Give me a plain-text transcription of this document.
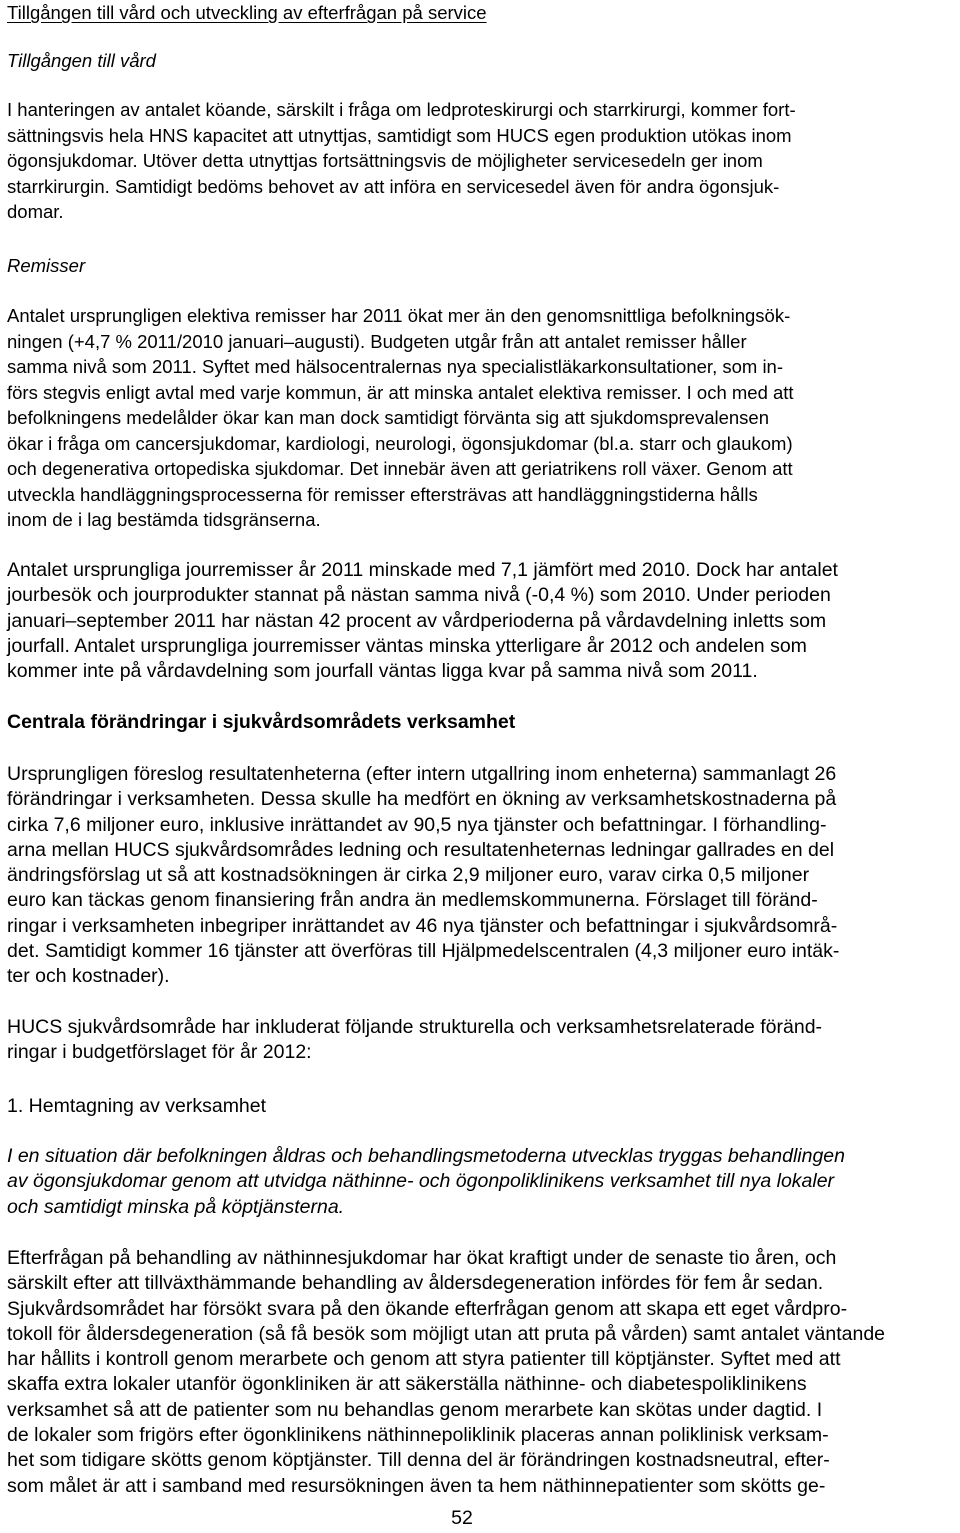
Tillgången till vård och utveckling av efterfrågan på service
Tillgången till vård
I hanteringen av antalet köande, särskilt i fråga om ledproteskirurgi och starrkirurgi, kommer fort-
sättningsvis hela HNS kapacitet att utnyttjas, samtidigt som HUCS egen produktion utökas inom
ögonsjukdomar. Utöver detta utnyttjas fortsättningsvis de möjligheter servicesedeln ger inom
starrkirurgin. Samtidigt bedöms behovet av att införa en servicesedel även för andra ögonsjuk-
domar.
Remisser
Antalet ursprungligen elektiva remisser har 2011 ökat mer än den genomsnittliga befolkningsök-
ningen (+4,7 % 2011/2010 januari–augusti). Budgeten utgår från att antalet remisser håller
samma nivå som 2011. Syftet med hälsocentralernas nya specialistläkarkonsultationer, som in-
förs stegvis enligt avtal med varje kommun, är att minska antalet elektiva remisser. I och med att
befolkningens medelålder ökar kan man dock samtidigt förvänta sig att sjukdomsprevalensen
ökar i fråga om cancersjukdomar, kardiologi, neurologi, ögonsjukdomar (bl.a. starr och glaukom)
och degenerativa ortopediska sjukdomar. Det innebär även att geriatrikens roll växer. Genom att
utveckla handläggningsprocesserna för remisser eftersträvas att handläggningstiderna hålls
inom de i lag bestämda tidsgränserna.
Antalet ursprungliga jourremisser år 2011 minskade med 7,1 jämfört med 2010. Dock har antalet
jourbesök och jourprodukter stannat på nästan samma nivå (-0,4 %) som 2010. Under perioden
januari–september 2011 har nästan 42 procent av vårdperioderna på vårdavdelning inletts som
jourfall. Antalet ursprungliga jourremisser väntas minska ytterligare år 2012 och andelen som
kommer inte på vårdavdelning som jourfall väntas ligga kvar på samma nivå som 2011.
Centrala förändringar i sjukvårdsområdets verksamhet
Ursprungligen föreslog resultatenheterna (efter intern utgallring inom enheterna) sammanlagt 26
förändringar i verksamheten. Dessa skulle ha medfört en ökning av verksamhetskostnaderna på
cirka 7,6 miljoner euro, inklusive inrättandet av 90,5 nya tjänster och befattningar. I förhandling-
arna mellan HUCS sjukvårdsområdes ledning och resultatenheternas ledningar gallrades en del
ändringsförslag ut så att kostnadsökningen är cirka 2,9 miljoner euro, varav cirka 0,5 miljoner
euro kan täckas genom finansiering från andra än medlemskommunerna. Förslaget till föränd-
ringar i verksamheten inbegriper inrättandet av 46 nya tjänster och befattningar i sjukvårdsområ-
det. Samtidigt kommer 16 tjänster att överföras till Hjälpmedelscentralen (4,3 miljoner euro intäk-
ter och kostnader).
HUCS sjukvårdsområde har inkluderat följande strukturella och verksamhetsrelaterade föränd-
ringar i budgetförslaget för år 2012:
1. Hemtagning av verksamhet
I en situation där befolkningen åldras och behandlingsmetoderna utvecklas tryggas behandlingen
av ögonsjukdomar genom att utvidga näthinne- och ögonpoliklinikens verksamhet till nya lokaler
och samtidigt minska på köptjänsterna.
Efterfrågan på behandling av näthinnesjukdomar har ökat kraftigt under de senaste tio åren, och
särskilt efter att tillväxthämmande behandling av åldersdegeneration infördes för fem år sedan.
Sjukvårdsområdet har försökt svara på den ökande efterfrågan genom att skapa ett eget vårdpro-
tokoll för åldersdegeneration (så få besök som möjligt utan att pruta på vården) samt antalet väntande
har hållits i kontroll genom merarbete och genom att styra patienter till köptjänster. Syftet med att
skaffa extra lokaler utanför ögonkliniken är att säkerställa näthinne- och diabetespoliklinikens
verksamhet så att de patienter som nu behandlas genom merarbete kan skötas under dagtid. I
de lokaler som frigörs efter ögonklinikens näthinnepoliklinik placeras annan poliklinisk verksam-
het som tidigare skötts genom köptjänster. Till denna del är förändringen kostnadsneutral, efter-
som målet är att i samband med resursökningen även ta hem näthinnepatienter som skötts ge-
52
